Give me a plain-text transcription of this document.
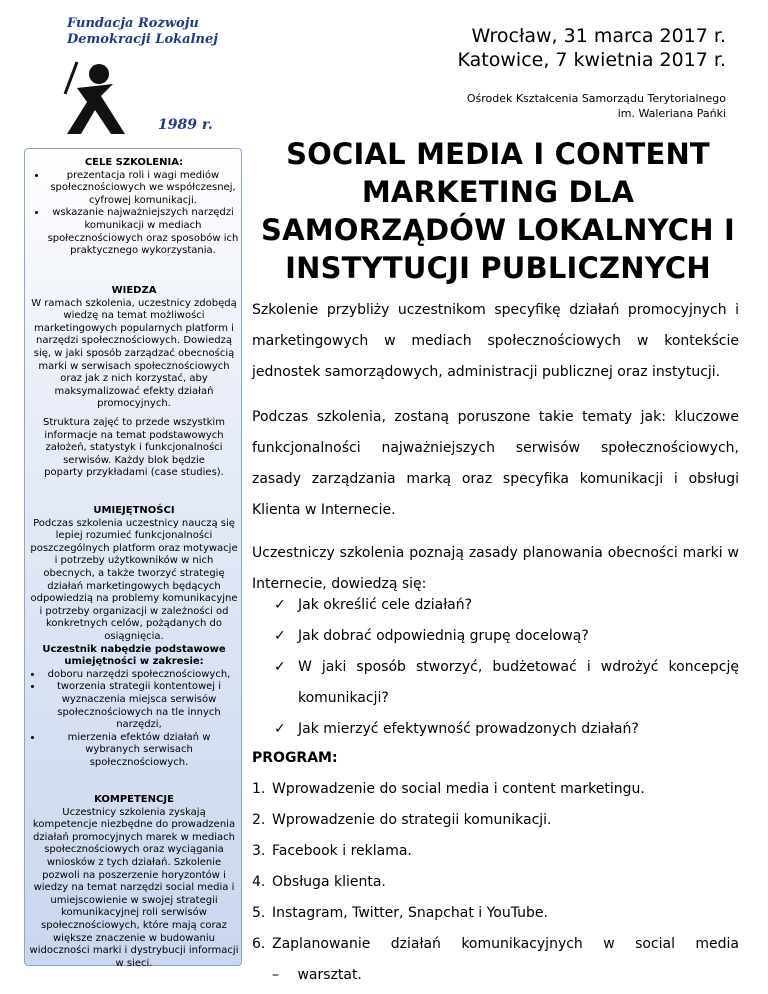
Fundacja Rozwoju
Demokracji Lokalnej
1989 r.
Wrocław, 31 marca 2017 r.
Katowice, 7 kwietnia 2017 r.
Ośrodek Kształcenia Samorządu Terytorialnego
im. Waleriana Pańki
CELE SZKOLENIA:
• prezentacja roli i wagi mediów społecznościowych we współczesnej, cyfrowej komunikacji.
• wskazanie najważniejszych narzędzi komunikacji w mediach społecznościowych oraz sposobów ich praktycznego wykorzystania.
WIEDZA
W ramach szkolenia, uczestnicy zdobędą wiedzę na temat możliwości marketingowych popularnych platform i narzędzi społecznościowych. Dowiedzą się, w jaki sposób zarządzać obecnością marki w serwisach społecznościowych oraz jak z nich korzystać, aby maksymalizować efekty działań promocyjnych.
Struktura zajęć to przede wszystkim informacje na temat podstawowych założeń, statystyk i funkcjonalności serwisów. Każdy blok będzie poparty przykładami (case studies).
UMIEJĘTNOŚCI
Podczas szkolenia uczestnicy nauczą się lepiej rozumieć funkcjonalności poszczególnych platform oraz motywacje i potrzeby użytkowników w nich obecnych, a także tworzyć strategię działań marketingowych będących odpowiedzią na problemy komunikacyjne i potrzeby organizacji w zależności od konkretnych celów, pożądanych do osiągnięcia.
Uczestnik nabędzie podstawowe umiejętności w zakresie:
• doboru narzędzi społecznościowych,
• tworzenia strategii kontentowej i wyznaczenia miejsca serwisów społecznościowych na tle innych narzędzi,
• mierzenia efektów działań w wybranych serwisach społecznościowych.
KOMPETENCJE
Uczestnicy szkolenia zyskają kompetencje niezbędne do prowadzenia działań promocyjnych marek w mediach społecznościowych oraz wyciągania wniosków z tych działań. Szkolenie pozwoli na poszerzenie horyzontów i wiedzy na temat narzędzi social media i umiejscowienie w swojej strategii komunikacyjnej roli serwisów społecznościowych, które mają coraz większe znaczenie w budowaniu widoczności marki i dystrybucji informacji w sieci.
SOCIAL MEDIA I CONTENT MARKETING DLA SAMORZĄDÓW LOKALNYCH I INSTYTUCJI PUBLICZNYCH
Szkolenie przybliży uczestnikom specyfikę działań promocyjnych i marketingowych w mediach społecznościowych w kontekście jednostek samorządowych, administracji publicznej oraz instytucji.
Podczas szkolenia, zostaną poruszone takie tematy jak: kluczowe funkcjonalności najważniejszych serwisów społecznościowych, zasady zarządzania marką oraz specyfika komunikacji i obsługi Klienta w Internecie.
Uczestniczy szkolenia poznają zasady planowania obecności marki w Internecie, dowiedzą się:
✓ Jak określić cele działań?
✓ Jak dobrać odpowiednią grupę docelową?
✓ W jaki sposób stworzyć, budżetować i wdrożyć koncepcję komunikacji?
✓ Jak mierzyć efektywność prowadzonych działań?
PROGRAM:
1. Wprowadzenie do social media i content marketingu.
2. Wprowadzenie do strategii komunikacji.
3. Facebook i reklama.
4. Obsługa klienta.
5. Instagram, Twitter, Snapchat i YouTube.
6. Zaplanowanie działań komunikacyjnych w social media – warsztat.
